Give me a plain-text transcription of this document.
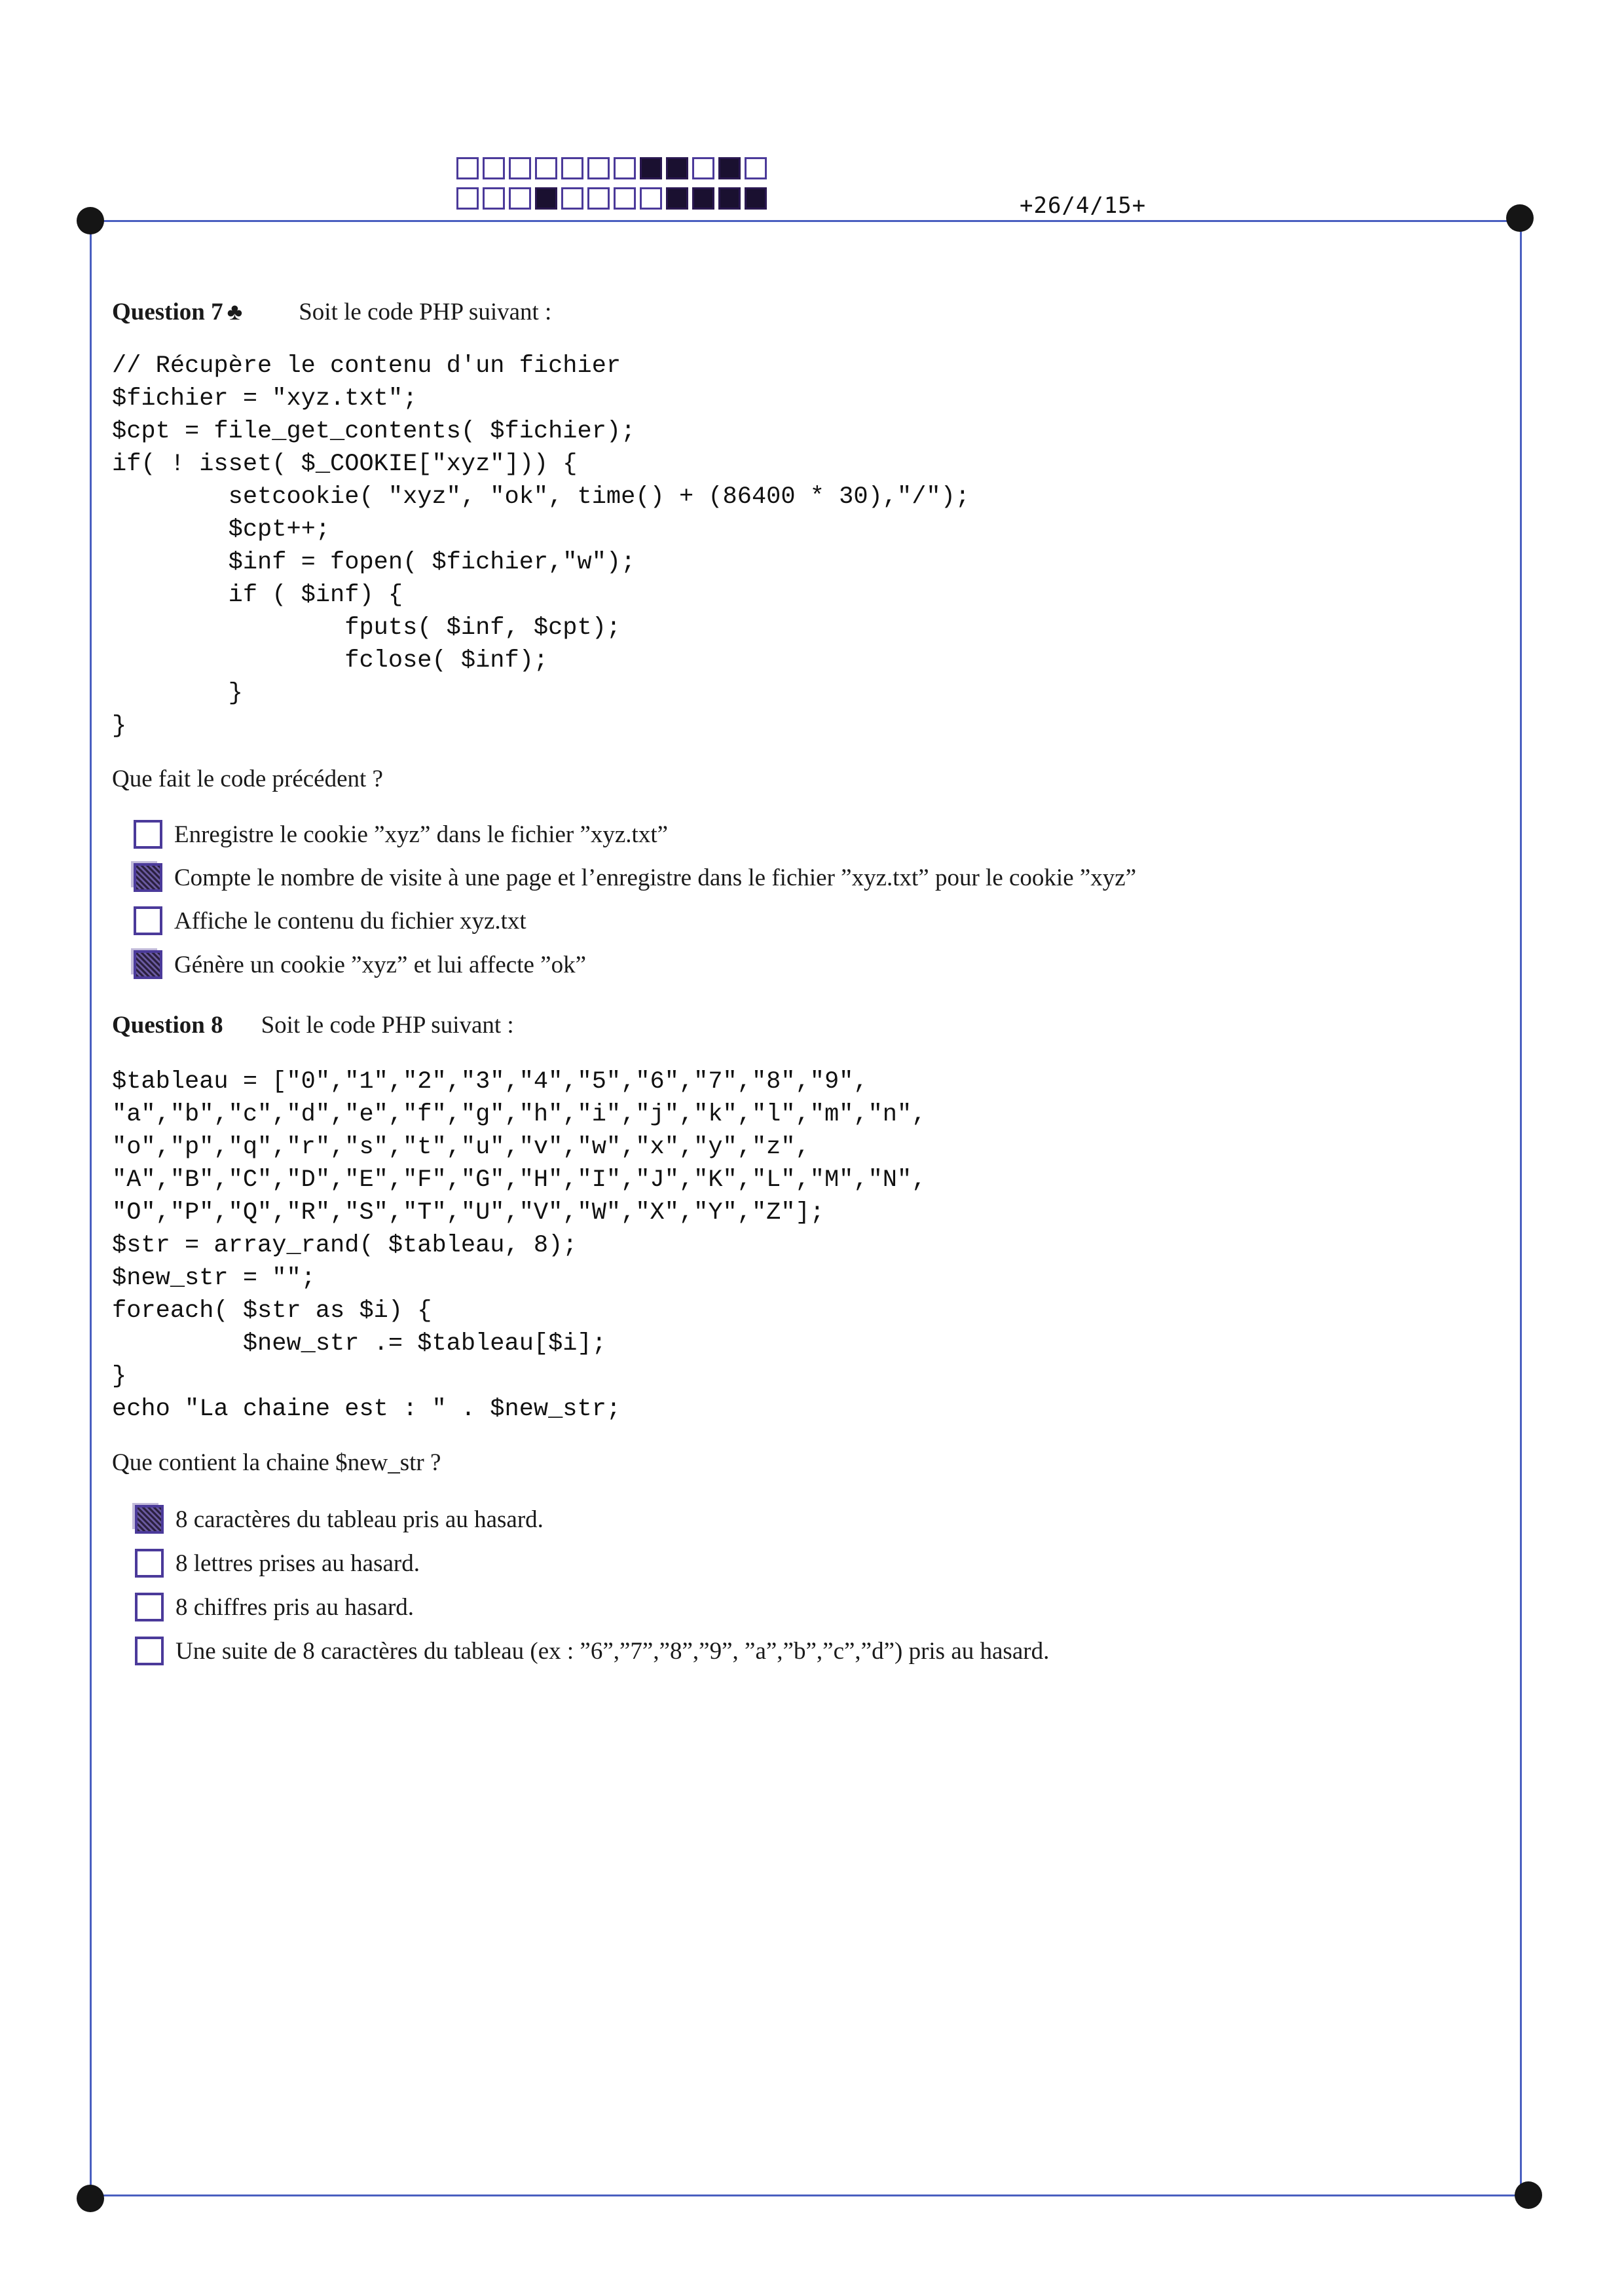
+26/4/15+
Question 7 ♣ Soit le code PHP suivant :
// Récupère le contenu d'un fichier
$fichier = "xyz.txt";
$cpt = file_get_contents( $fichier);
if( ! isset( $_COOKIE["xyz"])) {
setcookie( "xyz", "ok", time() + (86400 * 30),"/");
$cpt++;
$inf = fopen( $fichier,"w");
if ( $inf) {
fputs( $inf, $cpt);
fclose( $inf);
}
}
Que fait le code précédent ?
Enregistre le cookie ”xyz” dans le fichier ”xyz.txt”
Compte le nombre de visite à une page et l’enregistre dans le fichier ”xyz.txt” pour le cookie ”xyz”
Affiche le contenu du fichier xyz.txt
Génère un cookie ”xyz” et lui affecte ”ok”
Question 8 Soit le code PHP suivant :
$tableau = ["0","1","2","3","4","5","6","7","8","9",
"a","b","c","d","e","f","g","h","i","j","k","l","m","n",
"o","p","q","r","s","t","u","v","w","x","y","z",
"A","B","C","D","E","F","G","H","I","J","K","L","M","N",
"O","P","Q","R","S","T","U","V","W","X","Y","Z"];
$str = array_rand( $tableau, 8);
$new_str = "";
foreach( $str as $i) {
$new_str .= $tableau[$i];
}
echo "La chaine est : " . $new_str;
Que contient la chaine $new_str ?
8 caractères du tableau pris au hasard.
8 lettres prises au hasard.
8 chiffres pris au hasard.
Une suite de 8 caractères du tableau (ex : ”6”,”7”,”8”,”9”, ”a”,”b”,”c”,”d”) pris au hasard.
